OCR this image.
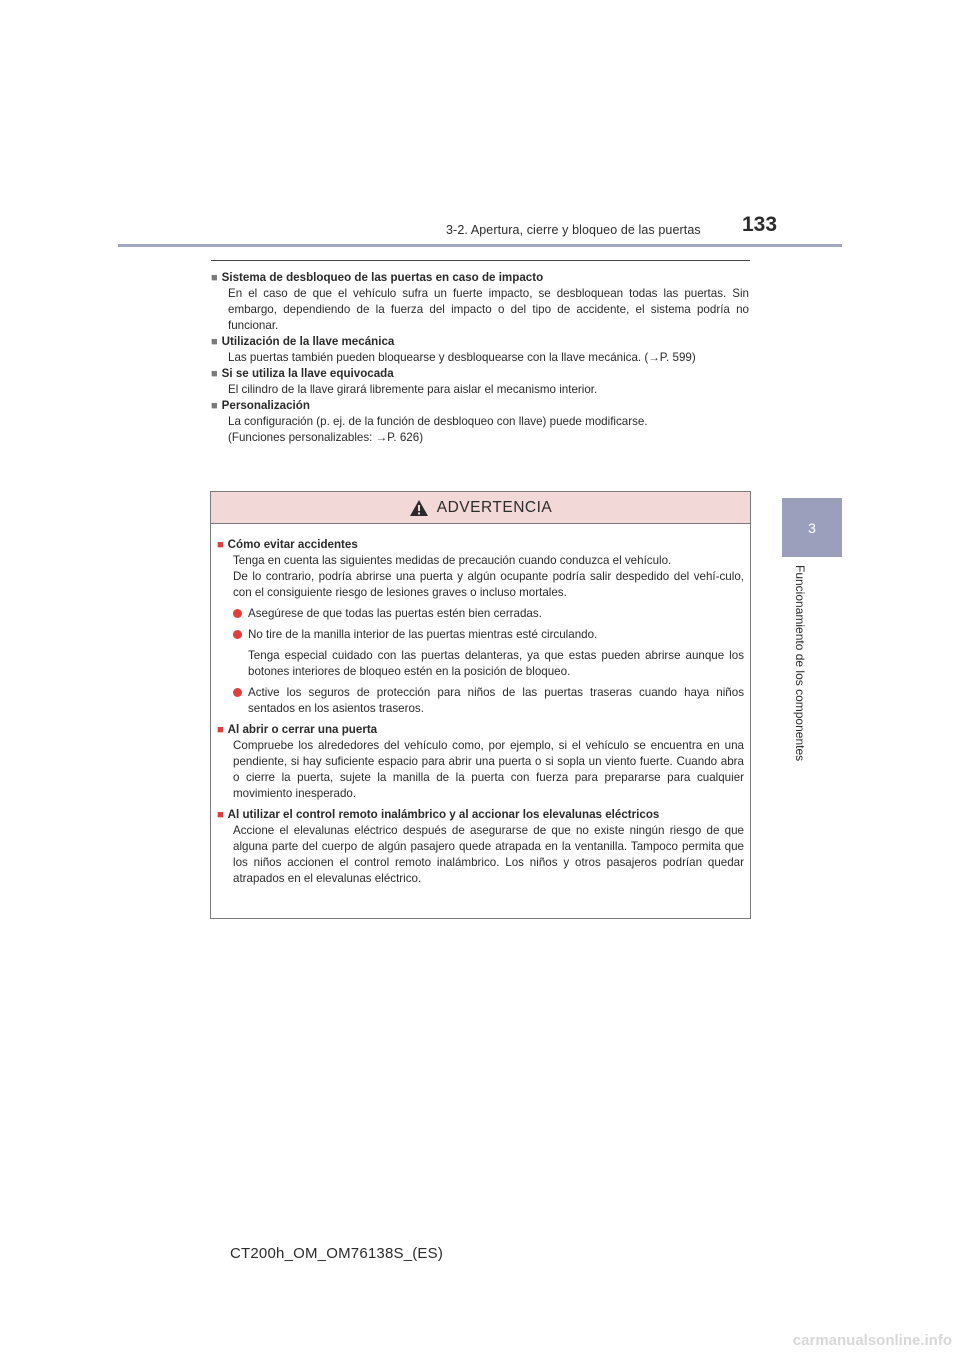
3-2. Apertura, cierre y bloqueo de las puertas 133
3
Funcionamiento de los componentes
■ Sistema de desbloqueo de las puertas en caso de impacto
En el caso de que el vehículo sufra un fuerte impacto, se desbloquean todas las puertas. Sin embargo, dependiendo de la fuerza del impacto o del tipo de accidente, el sistema podría no funcionar.
■ Utilización de la llave mecánica
Las puertas también pueden bloquearse y desbloquearse con la llave mecánica. (→P. 599)
■ Si se utiliza la llave equivocada
El cilindro de la llave girará libremente para aislar el mecanismo interior.
■ Personalización
La configuración (p. ej. de la función de desbloqueo con llave) puede modificarse.
(Funciones personalizables: →P. 626)
ADVERTENCIA
■ Cómo evitar accidentes
Tenga en cuenta las siguientes medidas de precaución cuando conduzca el vehículo.
De lo contrario, podría abrirse una puerta y algún ocupante podría salir despedido del vehí-culo, con el consiguiente riesgo de lesiones graves o incluso mortales.
Asegúrese de que todas las puertas estén bien cerradas.
No tire de la manilla interior de las puertas mientras esté circulando.
Tenga especial cuidado con las puertas delanteras, ya que estas pueden abrirse aunque los botones interiores de bloqueo estén en la posición de bloqueo.
Active los seguros de protección para niños de las puertas traseras cuando haya niños sentados en los asientos traseros.
■ Al abrir o cerrar una puerta
Compruebe los alrededores del vehículo como, por ejemplo, si el vehículo se encuentra en una pendiente, si hay suficiente espacio para abrir una puerta o si sopla un viento fuerte. Cuando abra o cierre la puerta, sujete la manilla de la puerta con fuerza para prepararse para cualquier movimiento inesperado.
■ Al utilizar el control remoto inalámbrico y al accionar los elevalunas eléctricos
Accione el elevalunas eléctrico después de asegurarse de que no existe ningún riesgo de que alguna parte del cuerpo de algún pasajero quede atrapada en la ventanilla. Tampoco permita que los niños accionen el control remoto inalámbrico. Los niños y otros pasajeros podrían quedar atrapados en el elevalunas eléctrico.
CT200h_OM_OM76138S_(ES)
carmanualsonline.info
